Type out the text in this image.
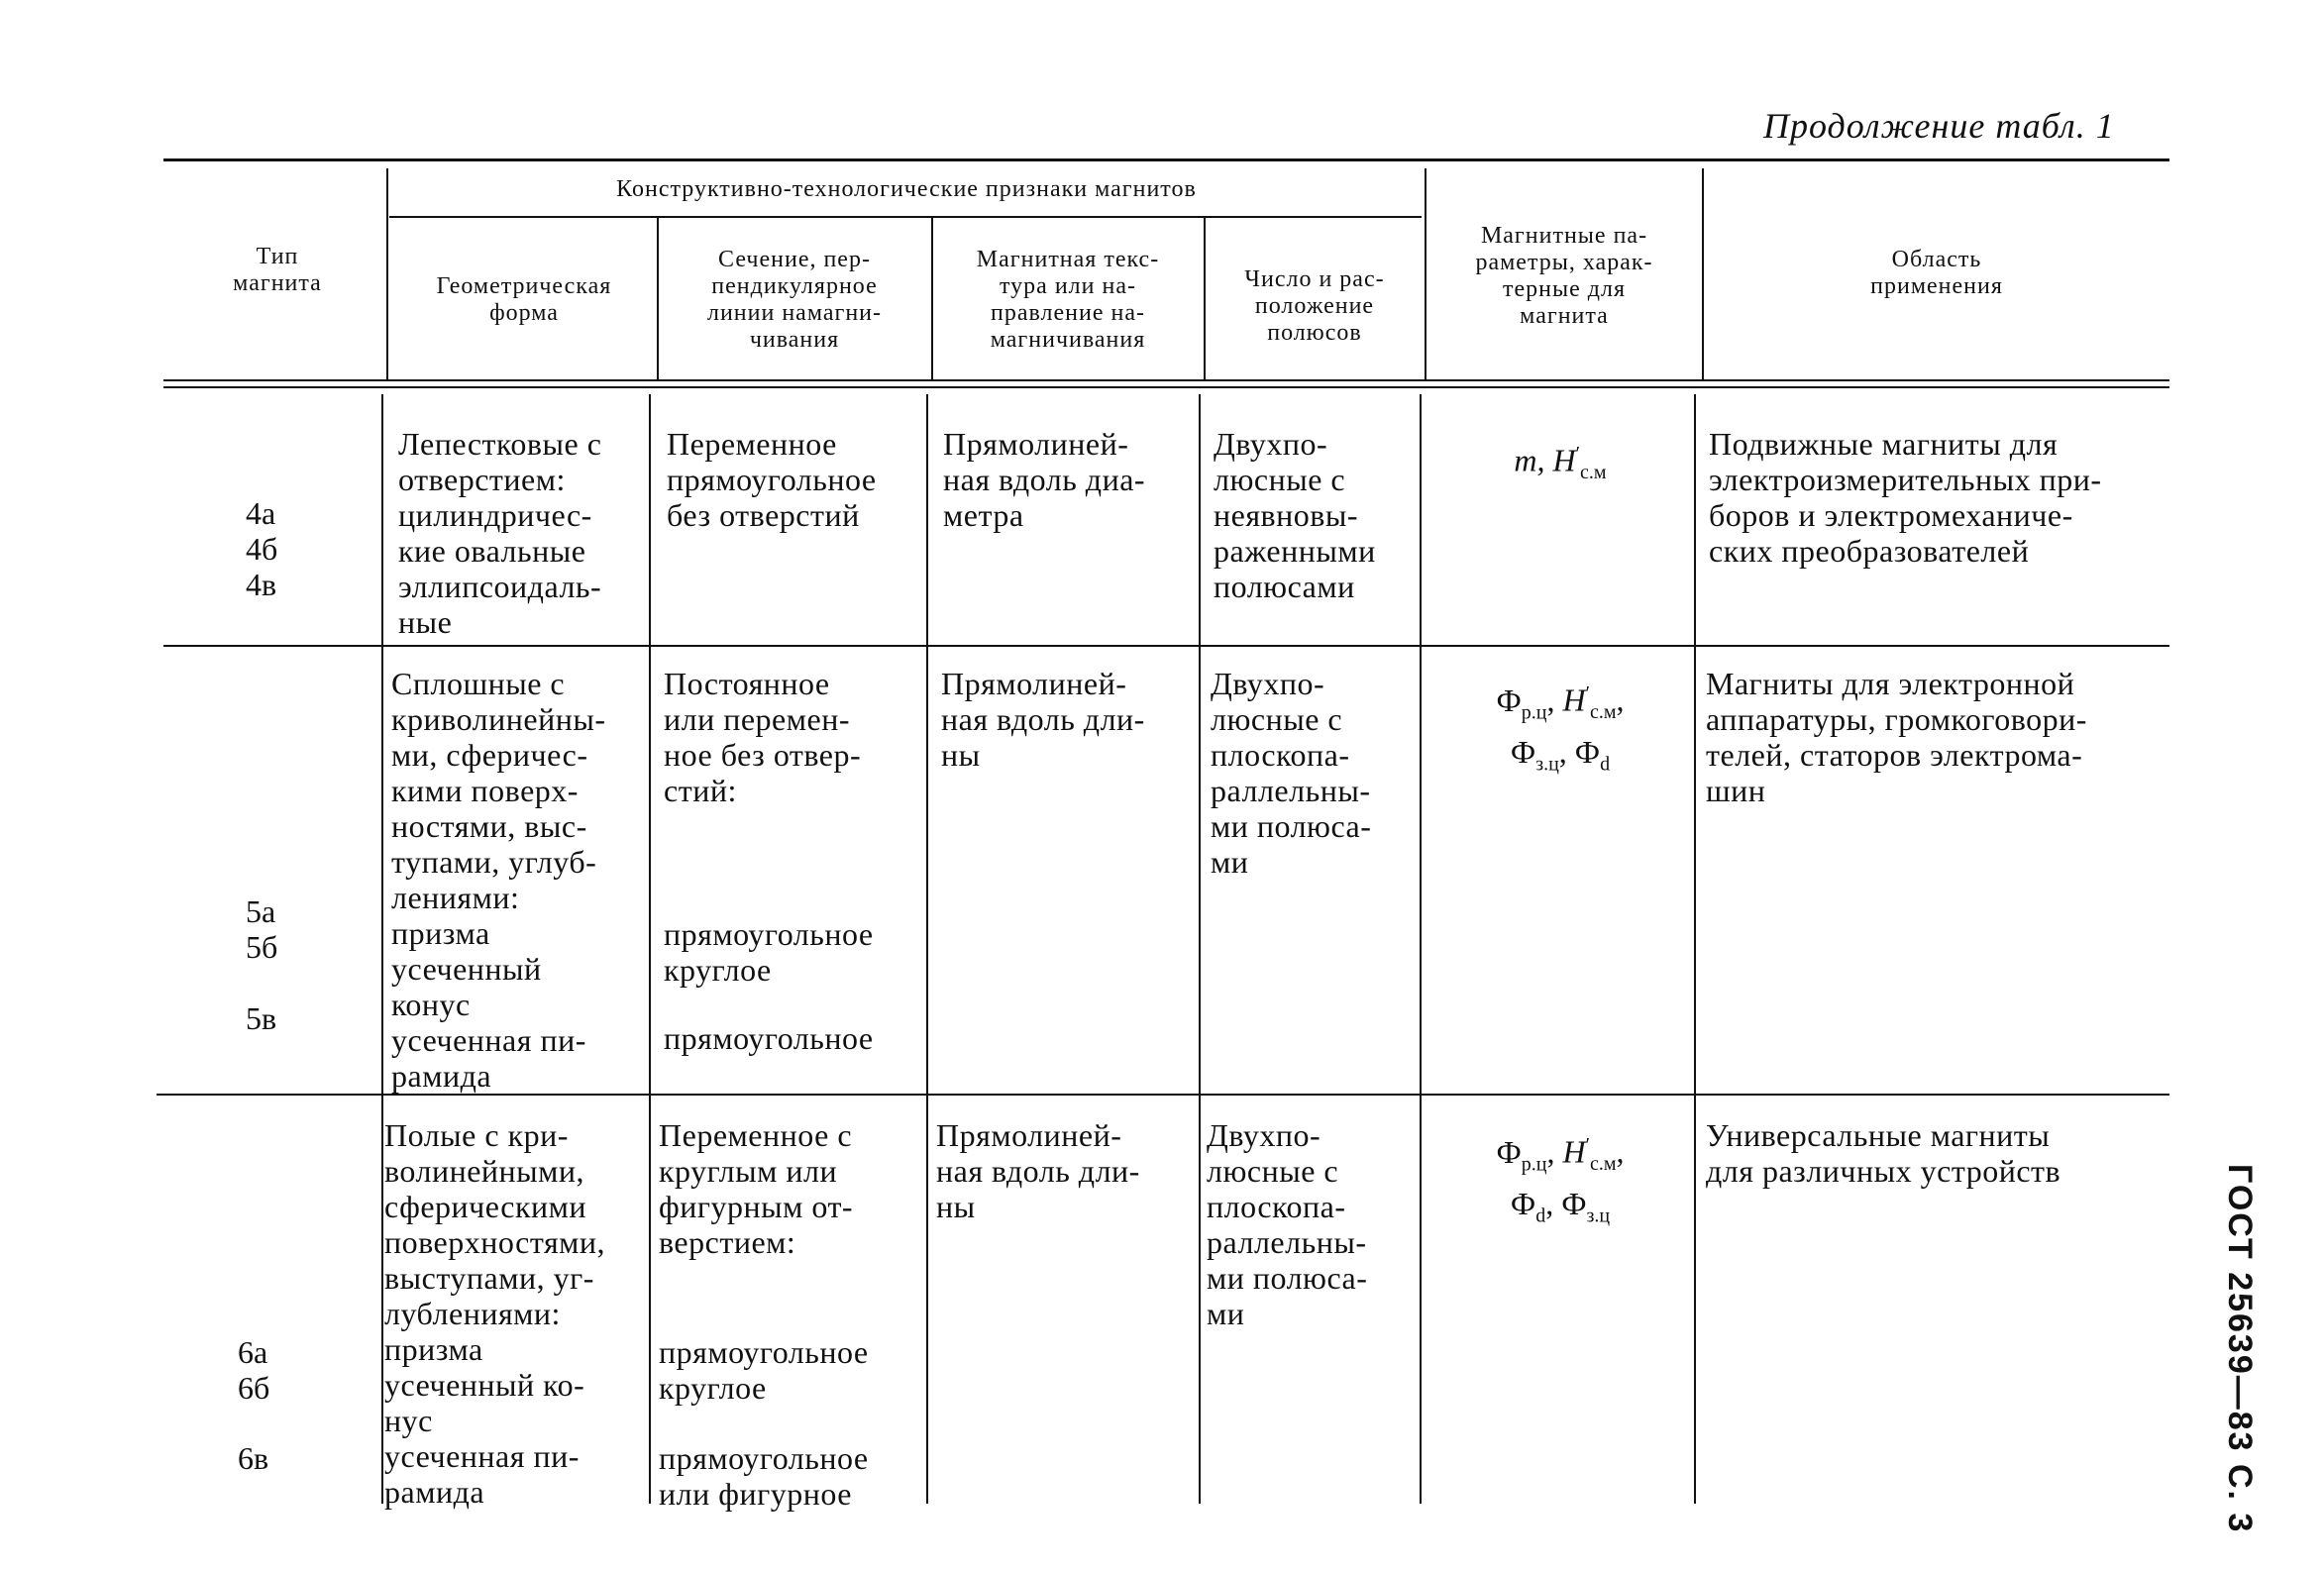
Продолжение табл. 1
Тип
магнита
Конструктивно-технологические признаки магнитов
Геометрическая
форма
Сечение, пер-
пендикулярное
линии намагни-
чивания
Магнитная текс-
тура или на-
правление на-
магничивания
Число и рас-
положение
полюсов
Магнитные па-
раметры, харак-
терные для
магнита
Область
применения
4а
4б
4в
Лепестковые с
отверстием:
цилиндричес-
кие овальные
эллипсоидаль-
ные
Переменное
прямоугольное
без отверстий
Прямолиней-
ная вдоль диа-
метра
Двухпо-
люсные с
неявновы-
раженными
полюсами
m, $H'_{с.м}$
Подвижные магниты для
электроизмерительных при-
боров и электромеханиче-
ских преобразователей
5а
5б
5в
Сплошные с
криволинейны-
ми, сферичес-
кими поверх-
ностями, выс-
тупами, углуб-
лениями:
призма
усеченный
конус
усеченная пи-
рамида
Постоянное
или перемен-
ное без отвер-
стий:
прямоугольное
круглое
прямоугольное
Прямолиней-
ная вдоль дли-
ны
Двухпо-
люсные с
плоскопа-
раллельны-
ми полюса-
ми
$Ф_{р.ц}$, $H'_{с.м}$,
$Ф_{з.ц}$, $Ф_d$
Магниты для электронной
аппаратуры, громкоговори-
телей, статоров электрома-
шин
6а
6б
6в
Полые с кри-
волинейными,
сферическими
поверхностями,
выступами, уг-
лублениями:
призма
усеченный ко-
нус
усеченная пи-
рамида
Переменное с
круглым или
фигурным от-
верстием:
прямоугольное
круглое
прямоугольное
или фигурное
Прямолиней-
ная вдоль дли-
ны
Двухпо-
люсные с
плоскопа-
раллельны-
ми полюса-
ми
$Ф_{р.ц}$, $H'_{с.м}$,
$Ф_d$, $Ф_{з.ц}$
Универсальные магниты
для различных устройств	ГОСТ 25639—83 С. 3
